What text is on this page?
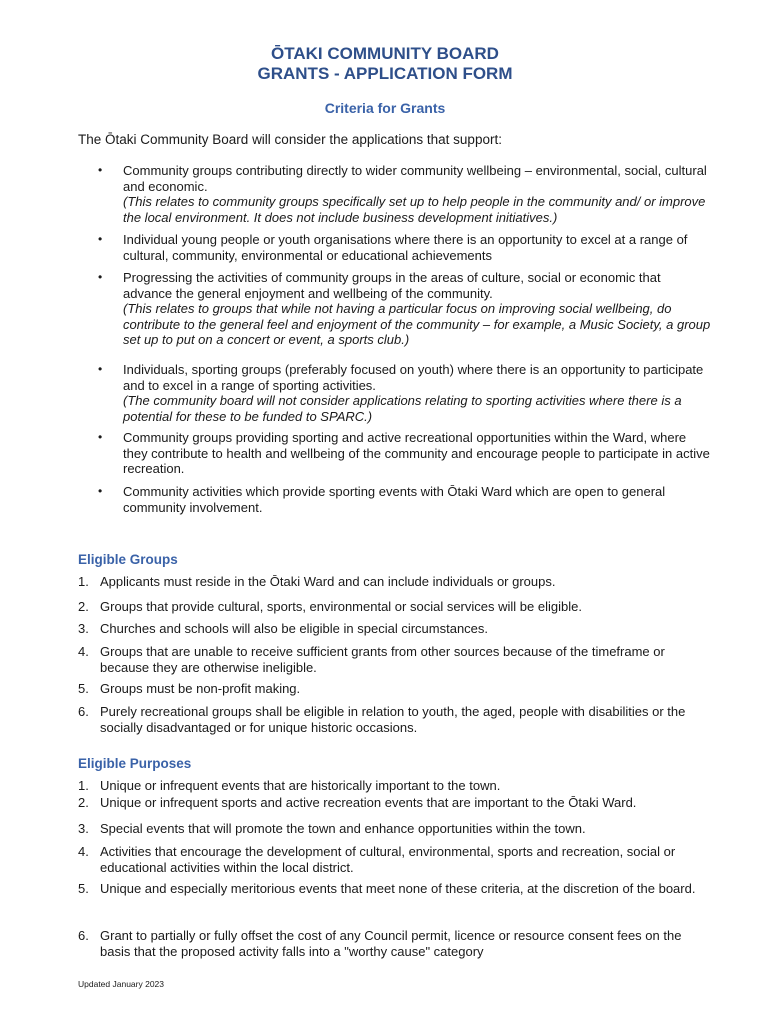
ŌTAKI COMMUNITY BOARD
GRANTS - APPLICATION FORM
Criteria for Grants
The Ōtaki Community Board will consider the applications that support:
• Community groups contributing directly to wider community wellbeing – environmental, social, cultural and economic.
(This relates to community groups specifically set up to help people in the community and/ or improve the local environment. It does not include business development initiatives.)
• Individual young people or youth organisations where there is an opportunity to excel at a range of cultural, community, environmental or educational achievements
• Progressing the activities of community groups in the areas of culture, social or economic that advance the general enjoyment and wellbeing of the community.
(This relates to groups that while not having a particular focus on improving social wellbeing, do contribute to the general feel and enjoyment of the community – for example, a Music Society, a group set up to put on a concert or event, a sports club.)
• Individuals, sporting groups (preferably focused on youth) where there is an opportunity to participate and to excel in a range of sporting activities.
(The community board will not consider applications relating to sporting activities where there is a potential for these to be funded to SPARC.)
• Community groups providing sporting and active recreational opportunities within the Ward, where they contribute to health and wellbeing of the community and encourage people to participate in active recreation.
• Community activities which provide sporting events with Ōtaki Ward which are open to general community involvement.
Eligible Groups
1. Applicants must reside in the Ōtaki Ward and can include individuals or groups.
2. Groups that provide cultural, sports, environmental or social services will be eligible.
3. Churches and schools will also be eligible in special circumstances.
4. Groups that are unable to receive sufficient grants from other sources because of the timeframe or because they are otherwise ineligible.
5. Groups must be non-profit making.
6. Purely recreational groups shall be eligible in relation to youth, the aged, people with disabilities or the socially disadvantaged or for unique historic occasions.
Eligible Purposes
1. Unique or infrequent events that are historically important to the town.
2. Unique or infrequent sports and active recreation events that are important to the Ōtaki Ward.
3. Special events that will promote the town and enhance opportunities within the town.
4. Activities that encourage the development of cultural, environmental, sports and recreation, social or educational activities within the local district.
5. Unique and especially meritorious events that meet none of these criteria, at the discretion of the board.
6. Grant to partially or fully offset the cost of any Council permit, licence or resource consent fees on the basis that the proposed activity falls into a "worthy cause" category
Updated January 2023
